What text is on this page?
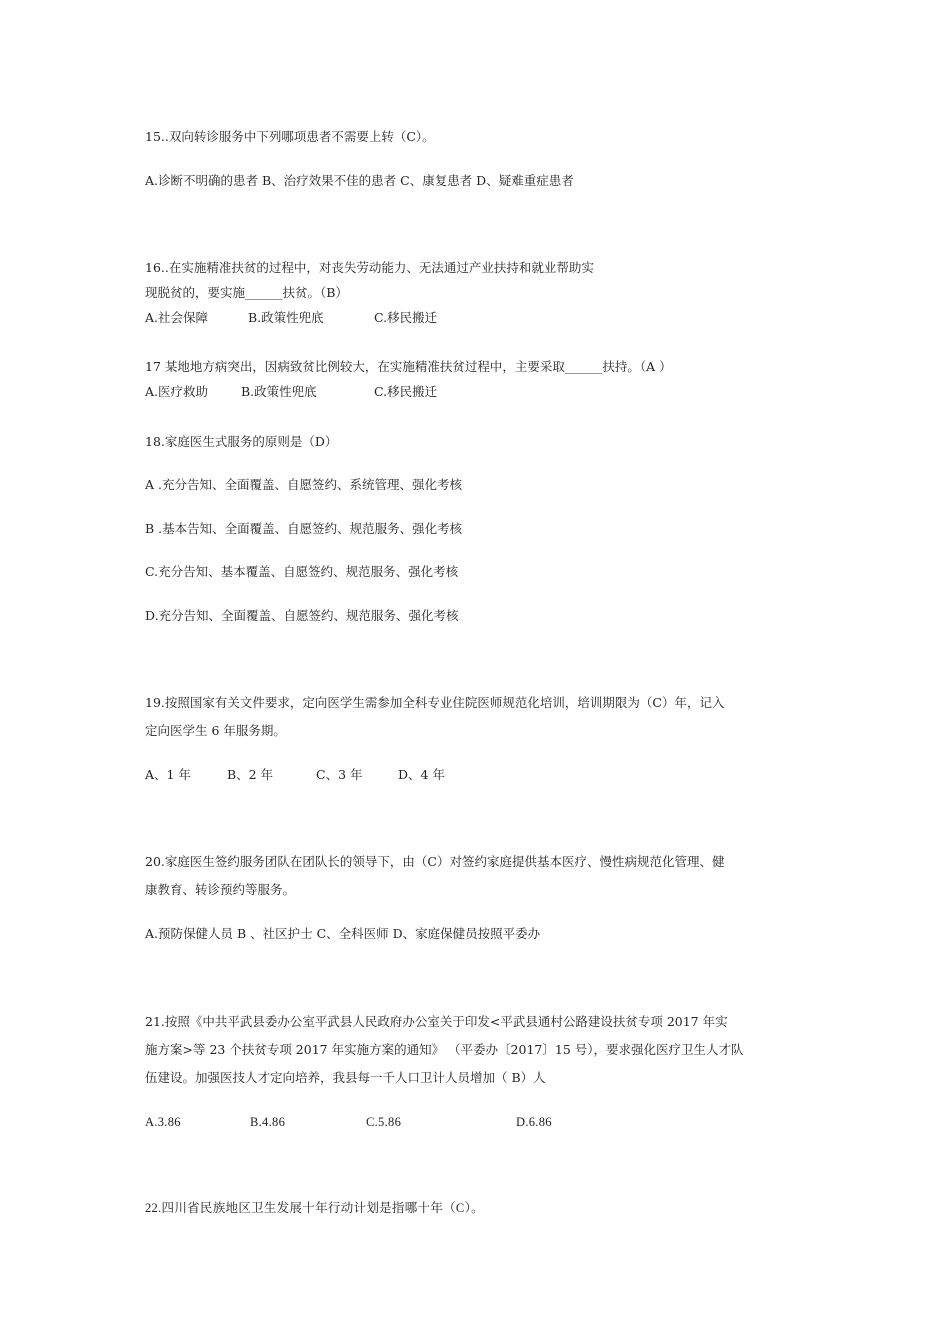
15..双向转诊服务中下列哪项患者不需要上转（C）。
A.诊断不明确的患者 B、治疗效果不佳的患者 C、康复患者 D、疑难重症患者
16..在实施精准扶贫的过程中，对丧失劳动能力、无法通过产业扶持和就业帮助实
现脱贫的，要实施______扶贫。（B）
A.社会保障	B.政策性兜底	C.移民搬迁
17 某地地方病突出，因病致贫比例较大，在实施精准扶贫过程中，主要采取______扶持。（A ）
A.医疗救助	B.政策性兜底	C.移民搬迁
18.家庭医生式服务的原则是（D）
A .充分告知、全面覆盖、自愿签约、系统管理、强化考核
B .基本告知、全面覆盖、自愿签约、规范服务、强化考核
C.充分告知、基本覆盖、自愿签约、规范服务、强化考核
D.充分告知、全面覆盖、自愿签约、规范服务、强化考核
19.按照国家有关文件要求，定向医学生需参加全科专业住院医师规范化培训，培训期限为（C）年，记入
定向医学生 6 年服务期。
A、1 年	B、2 年	C、3 年	D、4 年
20.家庭医生签约服务团队在团队长的领导下，由（C）对签约家庭提供基本医疗、慢性病规范化管理、健
康教育、转诊预约等服务。
A.预防保健人员 B 、社区护士 C、全科医师 D、家庭保健员按照平委办
21.按照《中共平武县委办公室平武县人民政府办公室关于印发<平武县通村公路建设扶贫专项 2017 年实
施方案>等 23 个扶贫专项 2017 年实施方案的通知》 （平委办〔2017〕15 号），要求强化医疗卫生人才队
伍建设。加强医技人才定向培养，我县每一千人口卫计人员增加（ B）人
A.3.86	B.4.86	C.5.86	D.6.86
22.四川省民族地区卫生发展十年行动计划是指哪十年（C）。
